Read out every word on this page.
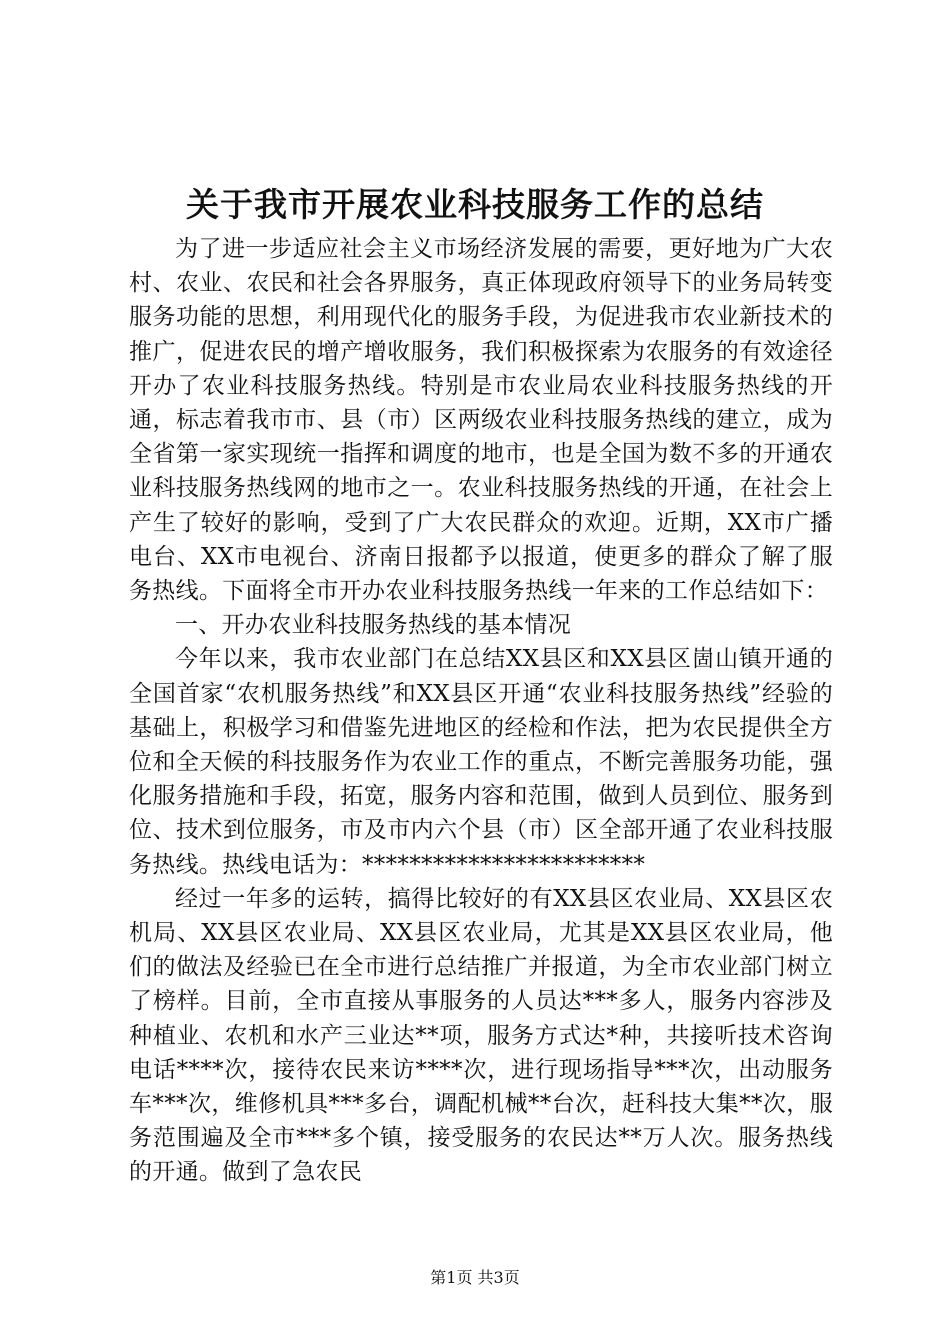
关于我市开展农业科技服务工作的总结

为了进一步适应社会主义市场经济发展的需要，更好地为广大农村、农业、农民和社会各界服务，真正体现政府领导下的业务局转变服务功能的思想，利用现代化的服务手段，为促进我市农业新技术的推广，促进农民的增产增收服务，我们积极探索为农服务的有效途径开办了农业科技服务热线。特别是市农业局农业科技服务热线的开通，标志着我市市、县（市）区两级农业科技服务热线的建立，成为全省第一家实现统一指挥和调度的地市，也是全国为数不多的开通农业科技服务热线网的地市之一。农业科技服务热线的开通，在社会上产生了较好的影响，受到了广大农民群众的欢迎。近期，XX市广播电台、XX市电视台、济南日报都予以报道，使更多的群众了解了服务热线。下面将全市开办农业科技服务热线一年来的工作总结如下：

一、开办农业科技服务热线的基本情况

今年以来，我市农业部门在总结XX县区和XX县区崮山镇开通的全国首家“农机服务热线”和XX县区开通“农业科技服务热线”经验的基础上，积极学习和借鉴先进地区的经检和作法，把为农民提供全方位和全天候的科技服务作为农业工作的重点，不断完善服务功能，强化服务措施和手段，拓宽，服务内容和范围，做到人员到位、服务到位、技术到位服务，市及市内六个县（市）区全部开通了农业科技服务热线。热线电话为：************************

经过一年多的运转，搞得比较好的有XX县区农业局、XX县区农机局、XX县区农业局、XX县区农业局，尤其是XX县区农业局，他们的做法及经验已在全市进行总结推广并报道，为全市农业部门树立了榜样。目前，全市直接从事服务的人员达***多人，服务内容涉及种植业、农机和水产三业达**项，服务方式达*种，共接听技术咨询电话****次，接待农民来访****次，进行现场指导***次，出动服务车***次，维修机具***多台，调配机械**台次，赶科技大集**次，服务范围遍及全市***多个镇，接受服务的农民达**万人次。服务热线的开通。做到了急农民

第1页 共3页
